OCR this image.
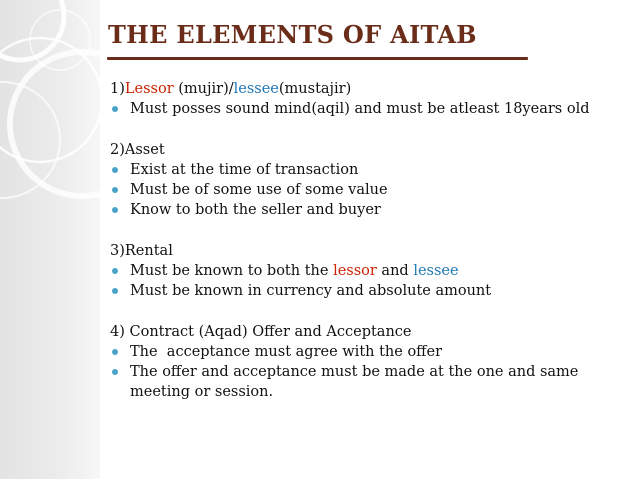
THE ELEMENTS OF AITAB
1)Lessor (mujir)/lessee(mustajir)
Must posses sound mind(aqil) and must be atleast 18years old
2)Asset
Exist at the time of transaction
Must be of some use of some value
Know to both the seller and buyer
3)Rental
Must be known to both the lessor and lessee
Must be known in currency and absolute amount
4) Contract (Aqad) Offer and Acceptance
The  acceptance must agree with the offer
The offer and acceptance must be made at the one and same meeting or session.
